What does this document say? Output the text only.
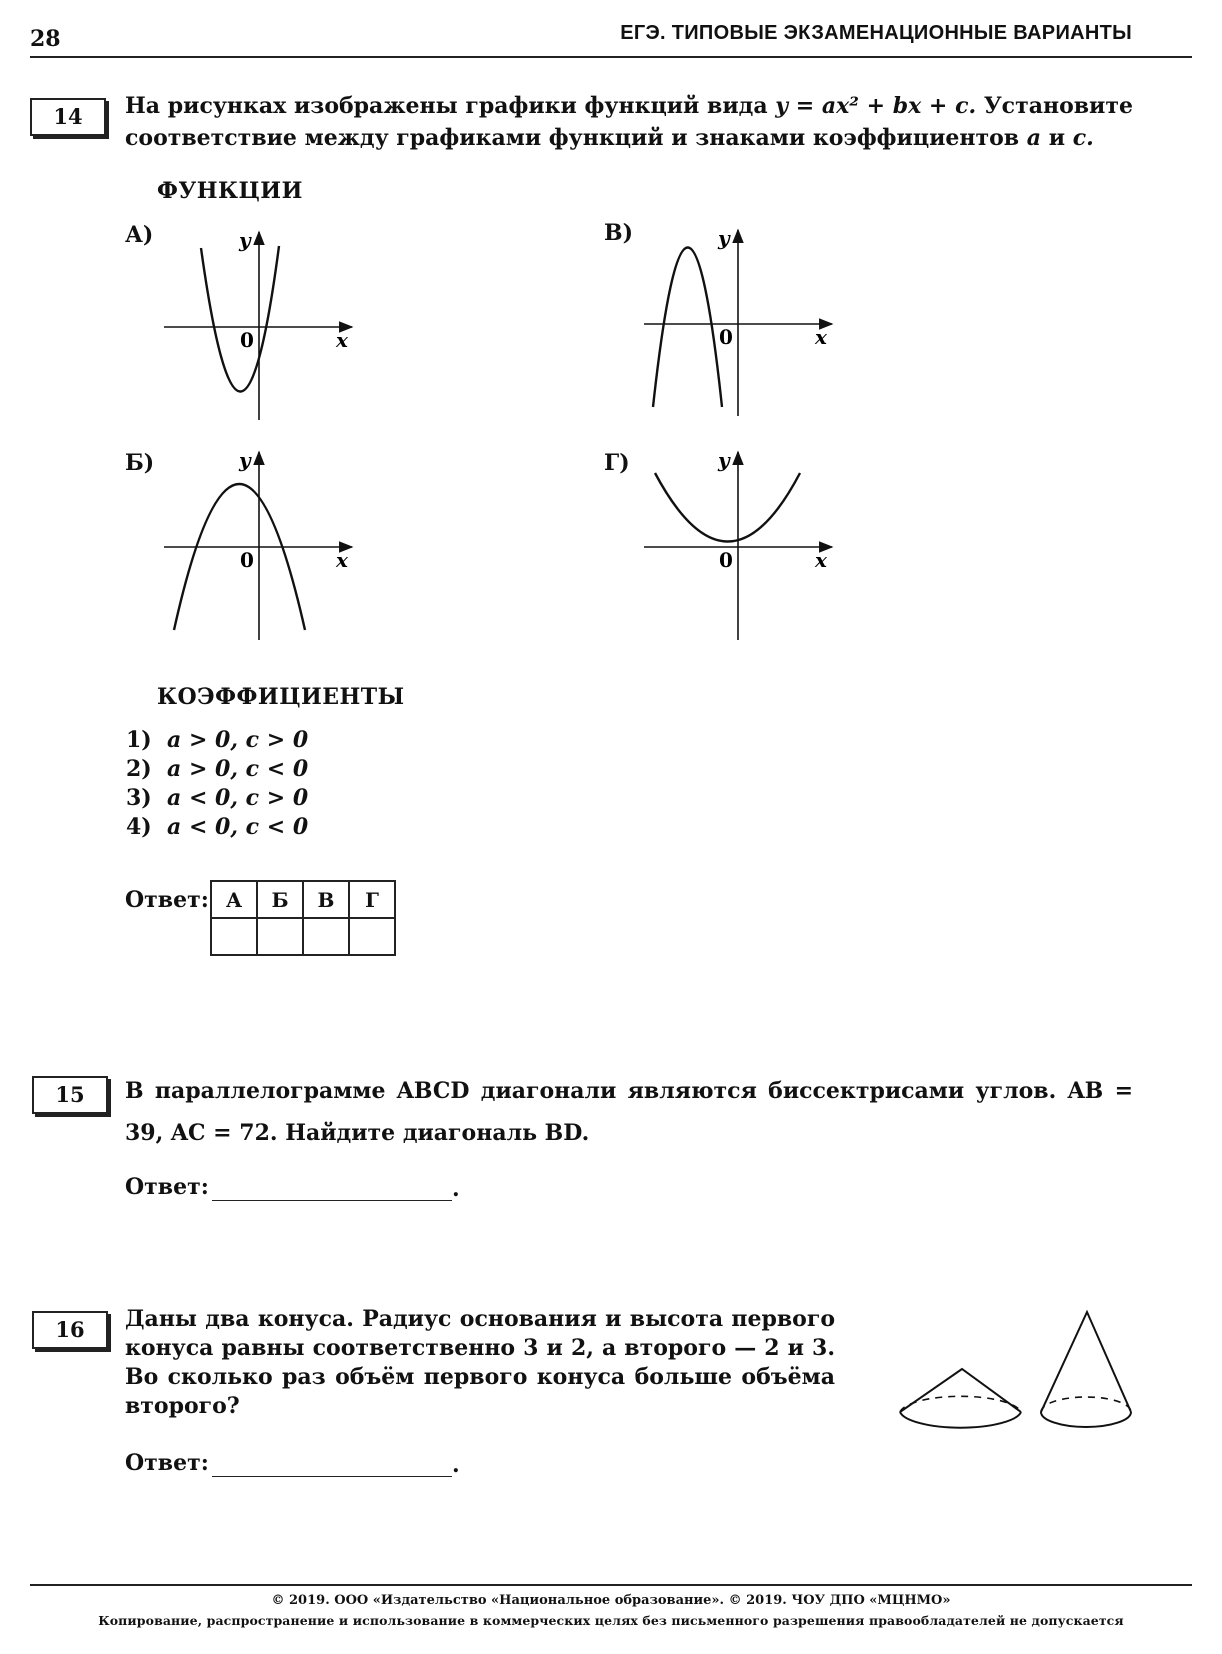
28	ЕГЭ. ТИПОВЫЕ ЭКЗАМЕНАЦИОННЫЕ ВАРИАНТЫ
14	На рисунках изображены графики функций вида y = ax² + bx + c. Установите соответствие между графиками функций и знаками коэффициентов a и c.
ФУНКЦИИ
А)
Б)
В)
Г)
y
x
0
y
x
0
y
x
0
y
x
0
КОЭФФИЦИЕНТЫ
1) a > 0, c > 0
2) a > 0, c < 0
3) a < 0, c > 0
4) a < 0, c < 0
Ответ: А	Б	В	Г

15	В параллелограмме ABCD диагонали являются биссектрисами углов. AB = 39, AC = 72. Найдите диагональ BD.
Ответ:	.
16	Даны два конуса. Радиус основания и высота первого конуса равны соответственно 3 и 2, а второго — 2 и 3. Во сколько раз объём первого конуса больше объёма второго?
Ответ:	.
© 2019. ООО «Издательство «Национальное образование». © 2019. ЧОУ ДПО «МЦНМО»
Копирование, распространение и использование в коммерческих целях без письменного разрешения правообладателей не допускается
